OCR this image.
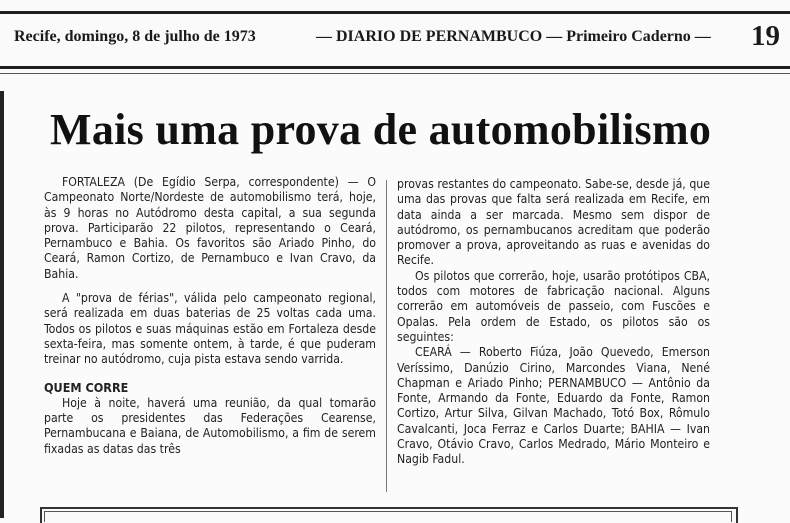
Recife, domingo, 8 de julho de 1973	— DIARIO DE PERNAMBUCO — Primeiro Caderno — 19
Mais uma prova de automobilismo

FORTALEZA (De Egídio Serpa, correspondente) — O Campeonato Norte/Nordeste de automobilismo terá, hoje, às 9 horas no Autódromo desta capital, a sua segunda prova. Participarão 22 pilotos, representando o Ceará, Pernambuco e Bahia. Os favoritos são Ariado Pinho, do Ceará, Ramon Cortizo, de Pernambuco e Ivan Cravo, da Bahia.

A "prova de férias", válida pelo campeonato regional, será realizada em duas baterias de 25 voltas cada uma. Todos os pilotos e suas máquinas estão em Fortaleza desde sexta-feira, mas somente ontem, à tarde, é que puderam treinar no autódromo, cuja pista estava sendo varrida.

QUEM CORRE

Hoje à noite, haverá uma reunião, da qual tomarão parte os presidentes das Federações Cearense, Pernambucana e Baiana, de Automobilismo, a fim de serem fixadas as datas das três

provas restantes do campeonato. Sabe-se, desde já, que uma das provas que falta será realizada em Recife, em data ainda a ser marcada. Mesmo sem dispor de autódromo, os pernambucanos acreditam que poderão promover a prova, aproveitando as ruas e avenidas do Recife.

Os pilotos que correrão, hoje, usarão protótipos CBA, todos com motores de fabricação nacional. Alguns correrão em automóveis de passeio, com Fuscões e Opalas. Pela ordem de Estado, os pilotos são os seguintes:

CEARÁ — Roberto Fiúza, João Quevedo, Emerson Veríssimo, Danúzio Cirino, Marcondes Viana, Nené Chapman e Ariado Pinho; PERNAMBUCO — Antônio da Fonte, Armando da Fonte, Eduardo da Fonte, Ramon Cortizo, Artur Silva, Gilvan Machado, Totó Box, Rômulo Cavalcanti, Joca Ferraz e Carlos Duarte; BAHIA — Ivan Cravo, Otávio Cravo, Carlos Medrado, Mário Monteiro e Nagib Fadul.
